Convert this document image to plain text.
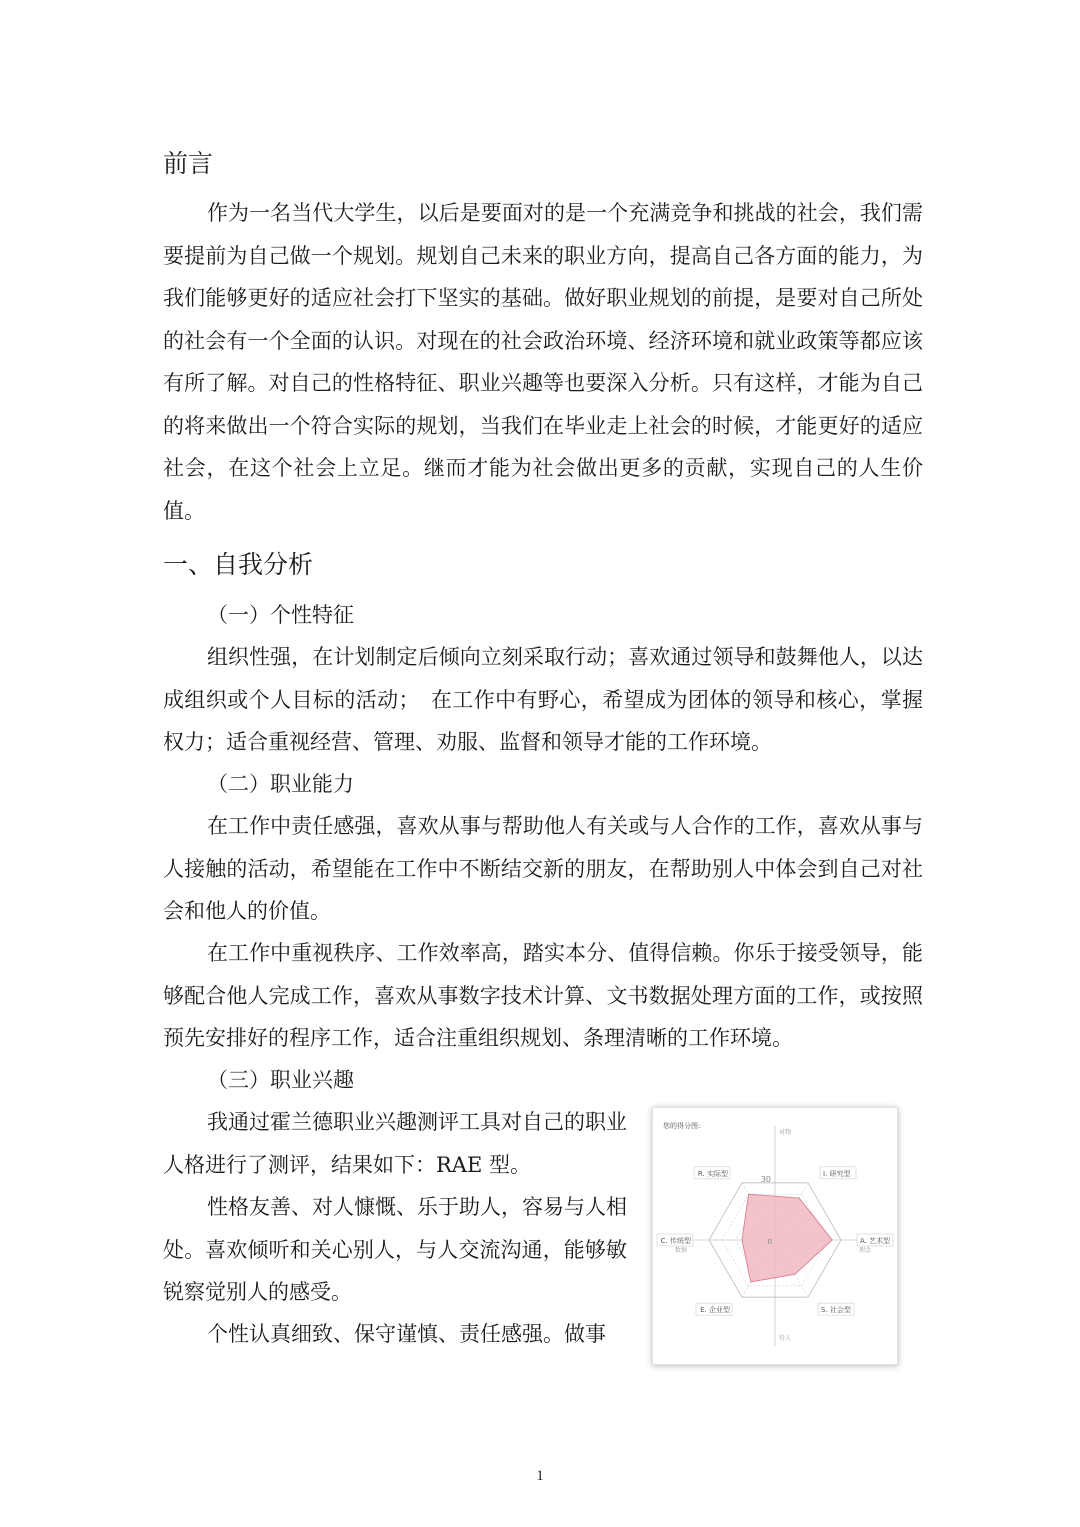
前言

作为一名当代大学生，以后是要面对的是一个充满竞争和挑战的社会，我们需要提前为自己做一个规划。规划自己未来的职业方向，提高自己各方面的能力，为我们能够更好的适应社会打下坚实的基础。做好职业规划的前提，是要对自己所处的社会有一个全面的认识。对现在的社会政治环境、经济环境和就业政策等都应该有所了解。对自己的性格特征、职业兴趣等也要深入分析。只有这样，才能为自己的将来做出一个符合实际的规划，当我们在毕业走上社会的时候，才能更好的适应社会，在这个社会上立足。继而才能为社会做出更多的贡献，实现自己的人生价值。

一、自我分析
（一）个性特征

组织性强，在计划制定后倾向立刻采取行动；喜欢通过领导和鼓舞他人，以达成组织或个人目标的活动；　在工作中有野心，希望成为团体的领导和核心，掌握权力；适合重视经营、管理、劝服、监督和领导才能的工作环境。

（二）职业能力

在工作中责任感强，喜欢从事与帮助他人有关或与人合作的工作，喜欢从事与人接触的活动，希望能在工作中不断结交新的朋友，在帮助别人中体会到自己对社会和他人的价值。

在工作中重视秩序、工作效率高，踏实本分、值得信赖。你乐于接受领导，能够配合他人完成工作，喜欢从事数字技术计算、文书数据处理方面的工作，或按照预先安排好的程序工作，适合注重组织规划、条理清晰的工作环境。

（三）职业兴趣

我通过霍兰德职业兴趣测评工具对自己的职业人格进行了测评，结果如下：RAE 型。

性格友善、对人慷慨、乐于助人，容易与人相处。喜欢倾听和关心别人，与人交流沟通，能够敏锐察觉别人的感受。

个性认真细致、保守谨慎、责任感强。做事

您的得分图:
30
0
R. 实际型	I. 研究型
A. 艺术型
S. 社会型
E. 企业型
C. 传统型
对物
理念
待人
数据
1
